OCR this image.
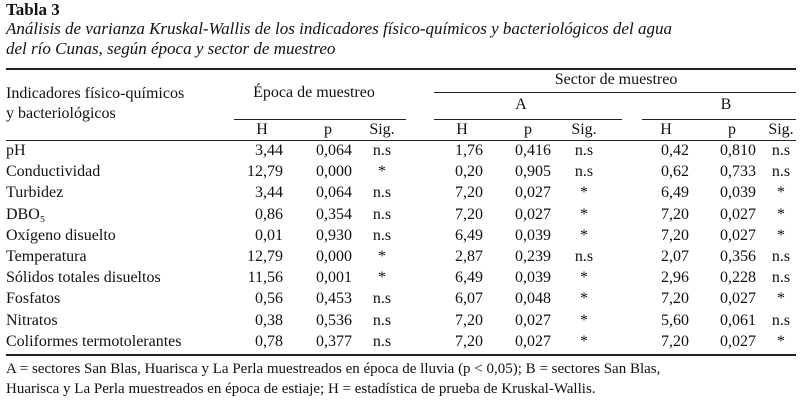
Tabla 3
Análisis de varianza Kruskal-Wallis de los indicadores físico-químicos y bacteriológicos del agua
del río Cunas, según época y sector de muestreo
Indicadores físico-químicos
y bacteriológicos
Época de muestreo
Sector de muestreo
A	B
H	p Sig.	H	p Sig.	H	p Sig.
pH	3,44	0,064 n.s	1,76	0,416 n.s	0,42	0,810 n.s
Conductividad	12,79	0,000 *	0,20	0,905 n.s	0,62	0,733 n.s
Turbidez	3,44	0,064 n.s	7,20	0,027 *	6,49	0,039 *
DBO₅	0,86	0,354 n.s	7,20	0,027 *	7,20	0,027 *
Oxígeno disuelto	0,01	0,930 n.s	6,49	0,039 *	7,20	0,027 *
Temperatura	12,79	0,000 *	2,87	0,239 n.s	2,07	0,356 n.s
Sólidos totales disueltos	11,56	0,001 *	6,49	0,039 *	2,96	0,228 n.s
Fosfatos	0,56	0,453 n.s	6,07	0,048 *	7,20	0,027 *
Nitratos	0,38	0,536 n.s	7,20	0,027 *	5,60	0,061 n.s
Coliformes termotolerantes	0,78	0,377 n.s	7,20	0,027 *	7,20	0,027 *
A = sectores San Blas, Huarisca y La Perla muestreados en época de lluvia (p < 0,05); B = sectores San Blas,
Huarisca y La Perla muestreados en época de estiaje; H = estadística de prueba de Kruskal-Wallis.
